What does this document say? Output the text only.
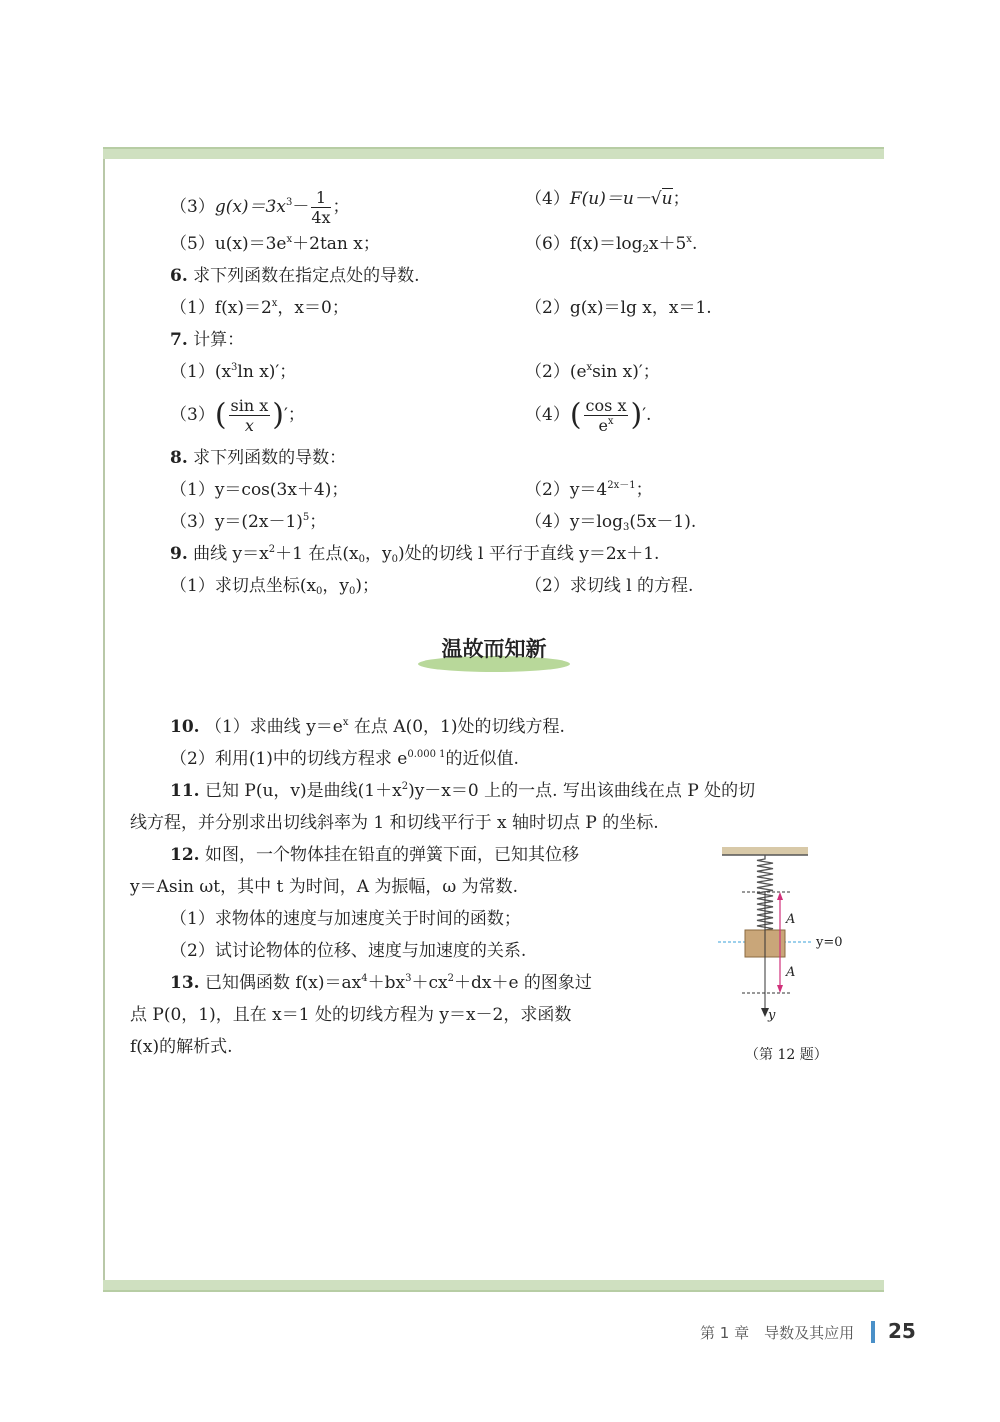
$(3)g(x)=3x^3- \frac{1}{4x}$ ；	（4）F(u)＝u－√u；
$(5)u(x)=3e^x+2\tan$ x；	$(6)f(x)=\log_2x+5^x$.
6. 求下列函数在指定点处的导数.
$(1)f(x)=2^x$，x＝0；	（2）g(x)＝lg x，x＝1.
7. 计算：
$(1)(x^3\ln$ x)′；	$(2)(e^x\sin$ x)′；
$(3)( \frac{\text{sin x}}{x}$ )′；	$(4)( \frac{\text{cos x}}{e^x}$ )′.
8. 求下列函数的导数：
（1）y＝cos(3x＋4)；	$(2)y=4^{2x-1}$；
$(3)y=(2x-1)^5$；	$(4)y=\log_3(5x-1)$.
9. 曲线 $y=x^2+1$ 在点($x_0$，$y_0$)处的切线 l 平行于直线 y＝2x＋1.
（1）求切点坐标($x_0$，$y_0$)；	（2）求切线 l 的方程.
温故而知新
10. （1）求曲线 $y=e^x$ 在点 A(0，1)处的切线方程.
（2）利用(1)中的切线方程求 $e^{0.000 1}$的近似值.
11. 已知 P(u，v)是曲线$(1+x^2)y-x=0$ 上的一点. 写出该曲线在点 P 处的切
线方程，并分别求出切线斜率为 1 和切线平行于 x 轴时切点 P 的坐标.
12. 如图，一个物体挂在铅直的弹簧下面，已知其位移
y＝Asin ωt，其中 t 为时间，A 为振幅，ω 为常数.
（1）求物体的速度与加速度关于时间的函数；
（2）试讨论物体的位移、速度与加速度的关系.
13. 已知偶函数 $f(x)=ax^4+bx^3+cx^2+dx+e$ 的图象过
点 P(0，1)，且在 x＝1 处的切线方程为 y＝x－2，求函数
f(x)的解析式.
A
A
y=0
y
（第 12 题）
第 1 章　导数及其应用	25
